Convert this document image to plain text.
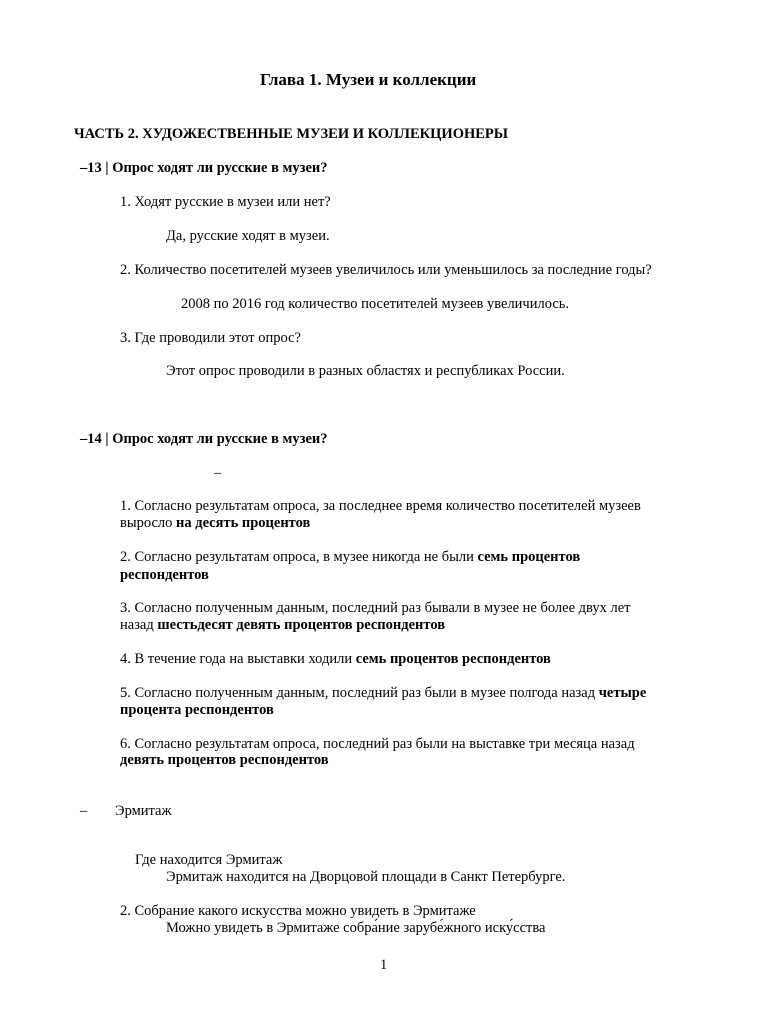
Глава 1. Музеи и коллекции
ЧАСТЬ 2. ХУДОЖЕСТВЕННЫЕ МУЗЕИ И КОЛЛЕКЦИОНЕРЫ
–13 | Опрос ходят ли русские в музеи?
1. Ходят русские в музеи или нет?
Да, русские ходят в музеи.
2. Количество посетителей музеев увеличилось или уменьшилось за последние годы?
2008 по 2016 год количество посетителей музеев увеличилось.
3. Где проводили этот опрос?
Этот опрос проводили в разных областях и республиках России.
–14 | Опрос ходят ли русские в музеи?
–
1. Согласно результатам опроса, за последнее время количество посетителей музеев
выросло на десять процентов
2. Согласно результатам опроса, в музее никогда не были семь процентов
респондентов
3. Согласно полученным данным, последний раз бывали в музее не более двух лет
назад шестьдесят девять процентов респондентов
4. В течение года на выставки ходили семь процентов респондентов
5. Согласно полученным данным, последний раз были в музее полгода назад четыре
процента респондентов
6. Согласно результатам опроса, последний раз были на выставке три месяца назад
девять процентов респондентов
– Эрмитаж
Где находится Эрмитаж
Эрмитаж находится на Дворцовой площади в Санкт Петербурге.
2. Собрание какого искусства можно увидеть в Эрмитаже
Можно увидеть в Эрмитаже собра́ние зарубе́жного иску́сства
1
